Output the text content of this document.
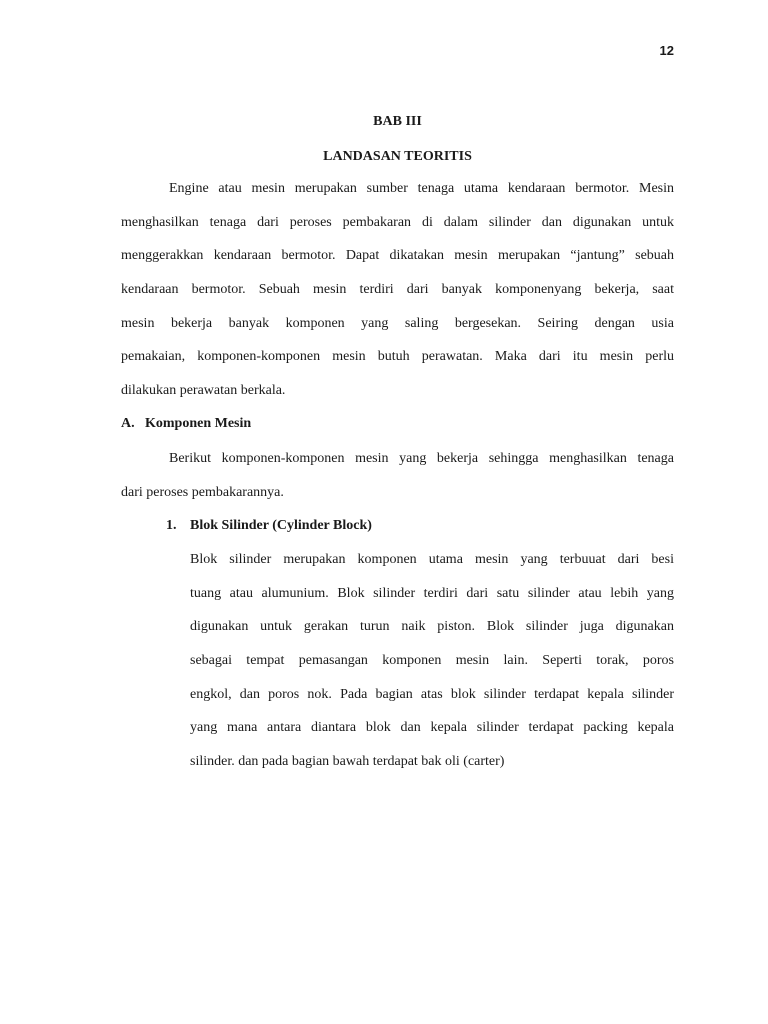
12
BAB III
LANDASAN TEORITIS
Engine atau mesin merupakan sumber tenaga utama kendaraan bermotor. Mesin
menghasilkan tenaga dari peroses pembakaran di dalam silinder dan digunakan untuk
menggerakkan kendaraan bermotor. Dapat dikatakan mesin merupakan “jantung” sebuah
kendaraan bermotor. Sebuah mesin terdiri dari banyak komponenyang bekerja, saat
mesin bekerja banyak komponen yang saling bergesekan. Seiring dengan usia
pemakaian, komponen-komponen mesin butuh perawatan. Maka dari itu mesin perlu
dilakukan perawatan berkala.
A. Komponen Mesin
Berikut komponen-komponen mesin yang bekerja sehingga menghasilkan tenaga
dari peroses pembakarannya.
1. Blok Silinder (Cylinder Block)
Blok silinder merupakan komponen utama mesin yang terbuuat dari besi
tuang atau alumunium. Blok silinder terdiri dari satu silinder atau lebih yang
digunakan untuk gerakan turun naik piston. Blok silinder juga digunakan
sebagai tempat pemasangan komponen mesin lain. Seperti torak, poros
engkol, dan poros nok. Pada bagian atas blok silinder terdapat kepala silinder
yang mana antara diantara blok dan kepala silinder terdapat packing kepala
silinder. dan pada bagian bawah terdapat bak oli (carter)
